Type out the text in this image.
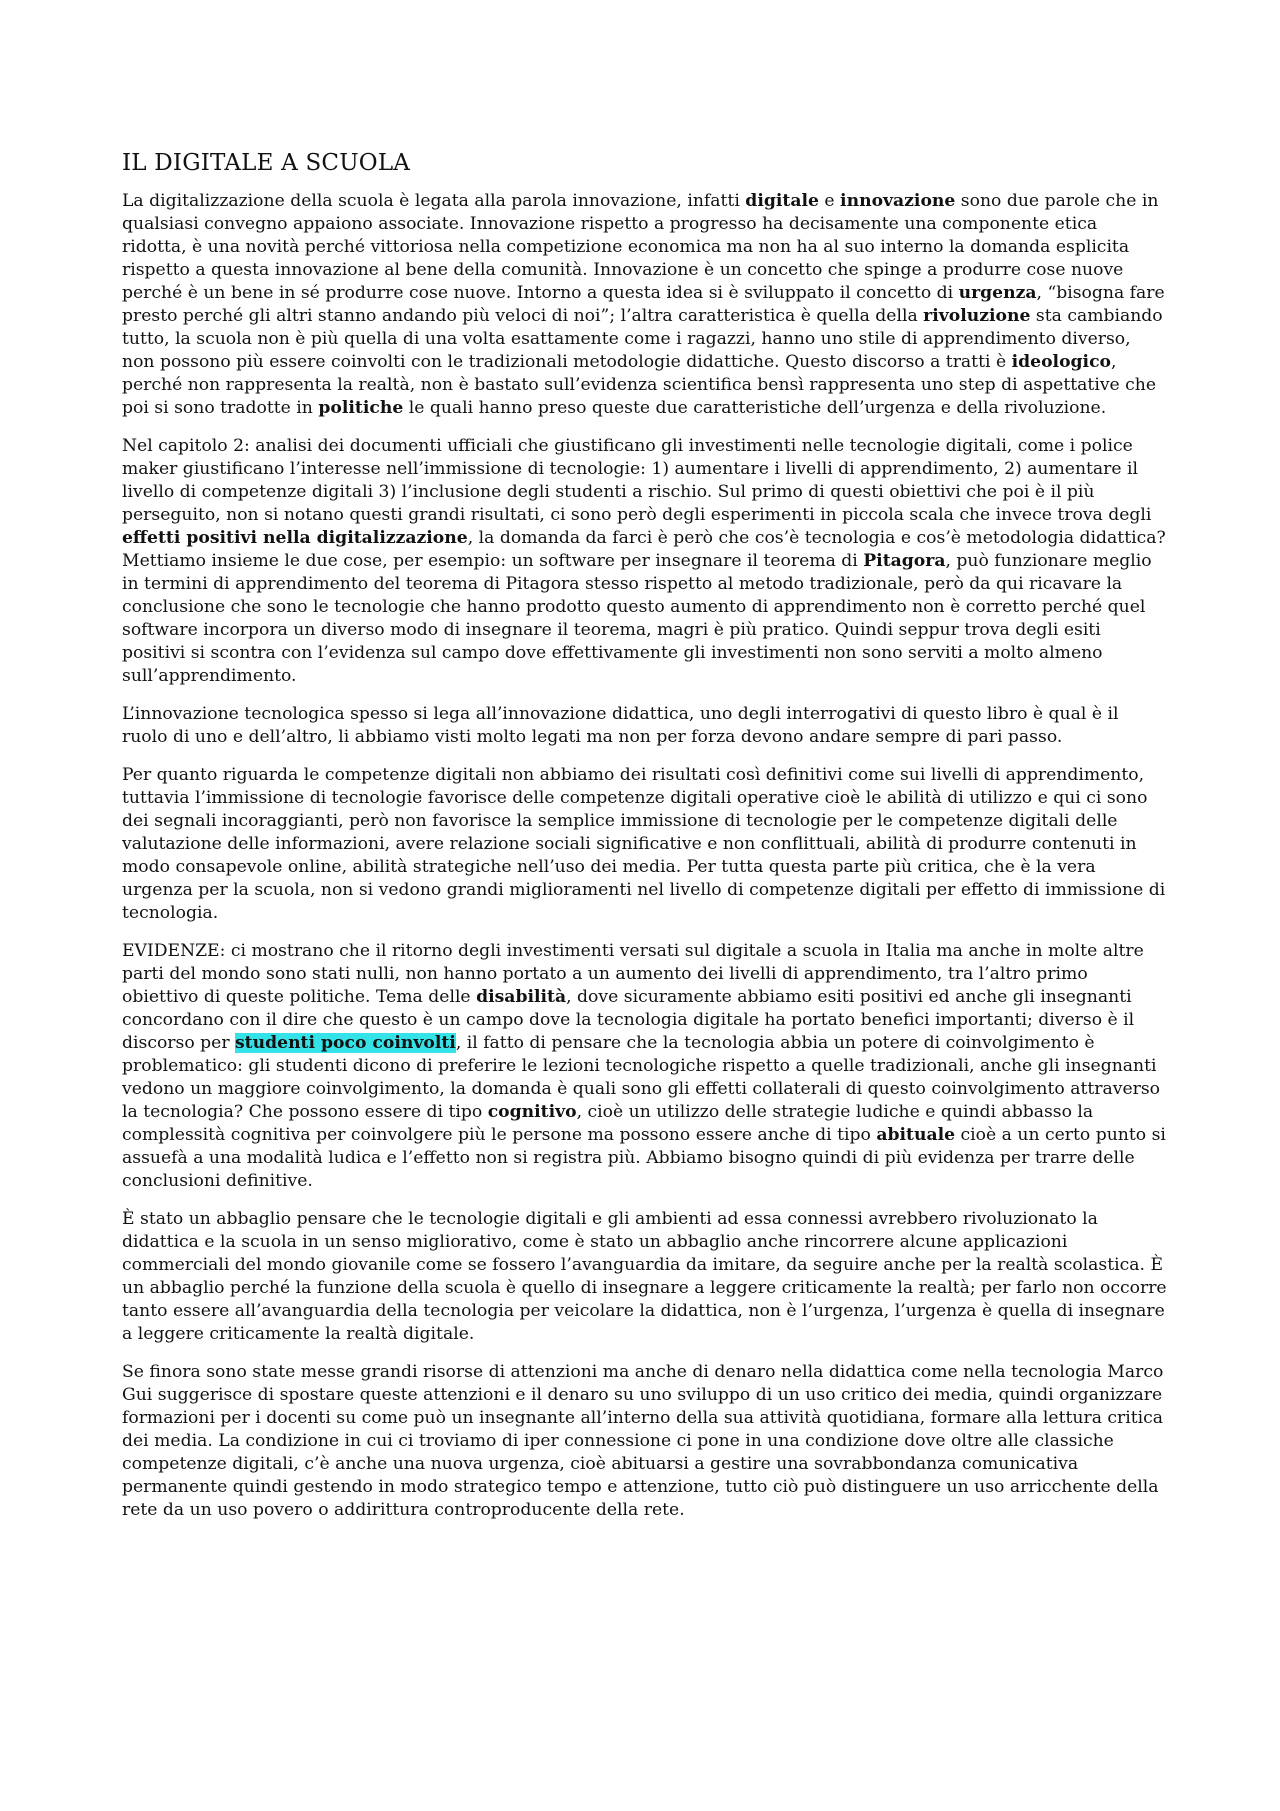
IL DIGITALE A SCUOLA

La digitalizzazione della scuola è legata alla parola innovazione, infatti digitale e innovazione sono due parole che in qualsiasi convegno appaiono associate. Innovazione rispetto a progresso ha decisamente una componente etica ridotta, è una novità perché vittoriosa nella competizione economica ma non ha al suo interno la domanda esplicita rispetto a questa innovazione al bene della comunità. Innovazione è un concetto che spinge a produrre cose nuove perché è un bene in sé produrre cose nuove. Intorno a questa idea si è sviluppato il concetto di urgenza, “bisogna fare presto perché gli altri stanno andando più veloci di noi”; l’altra caratteristica è quella della rivoluzione sta cambiando tutto, la scuola non è più quella di una volta esattamente come i ragazzi, hanno uno stile di apprendimento diverso, non possono più essere coinvolti con le tradizionali metodologie didattiche. Questo discorso a tratti è ideologico, perché non rappresenta la realtà, non è bastato sull’evidenza scientifica bensì rappresenta uno step di aspettative che poi si sono tradotte in politiche le quali hanno preso queste due caratteristiche dell’urgenza e della rivoluzione.

Nel capitolo 2: analisi dei documenti ufficiali che giustificano gli investimenti nelle tecnologie digitali, come i police maker giustificano l’interesse nell’immissione di tecnologie: 1) aumentare i livelli di apprendimento, 2) aumentare il livello di competenze digitali 3) l’inclusione degli studenti a rischio. Sul primo di questi obiettivi che poi è il più perseguito, non si notano questi grandi risultati, ci sono però degli esperimenti in piccola scala che invece trova degli effetti positivi nella digitalizzazione, la domanda da farci è però che cos’è tecnologia e cos’è metodologia didattica? Mettiamo insieme le due cose, per esempio: un software per insegnare il teorema di Pitagora, può funzionare meglio in termini di apprendimento del teorema di Pitagora stesso rispetto al metodo tradizionale, però da qui ricavare la conclusione che sono le tecnologie che hanno prodotto questo aumento di apprendimento non è corretto perché quel software incorpora un diverso modo di insegnare il teorema, magri è più pratico. Quindi seppur trova degli esiti positivi si scontra con l’evidenza sul campo dove effettivamente gli investimenti non sono serviti a molto almeno sull’apprendimento.

L’innovazione tecnologica spesso si lega all’innovazione didattica, uno degli interrogativi di questo libro è qual è il ruolo di uno e dell’altro, li abbiamo visti molto legati ma non per forza devono andare sempre di pari passo.

Per quanto riguarda le competenze digitali non abbiamo dei risultati così definitivi come sui livelli di apprendimento, tuttavia l’immissione di tecnologie favorisce delle competenze digitali operative cioè le abilità di utilizzo e qui ci sono dei segnali incoraggianti, però non favorisce la semplice immissione di tecnologie per le competenze digitali delle valutazione delle informazioni, avere relazione sociali significative e non conflittuali, abilità di produrre contenuti in modo consapevole online, abilità strategiche nell’uso dei media. Per tutta questa parte più critica, che è la vera urgenza per la scuola, non si vedono grandi miglioramenti nel livello di competenze digitali per effetto di immissione di tecnologia.

EVIDENZE: ci mostrano che il ritorno degli investimenti versati sul digitale a scuola in Italia ma anche in molte altre parti del mondo sono stati nulli, non hanno portato a un aumento dei livelli di apprendimento, tra l’altro primo obiettivo di queste politiche. Tema delle disabilità, dove sicuramente abbiamo esiti positivi ed anche gli insegnanti concordano con il dire che questo è un campo dove la tecnologia digitale ha portato benefici importanti; diverso è il discorso per studenti poco coinvolti, il fatto di pensare che la tecnologia abbia un potere di coinvolgimento è problematico: gli studenti dicono di preferire le lezioni tecnologiche rispetto a quelle tradizionali, anche gli insegnanti vedono un maggiore coinvolgimento, la domanda è quali sono gli effetti collaterali di questo coinvolgimento attraverso la tecnologia? Che possono essere di tipo cognitivo, cioè un utilizzo delle strategie ludiche e quindi abbasso la complessità cognitiva per coinvolgere più le persone ma possono essere anche di tipo abituale cioè a un certo punto si assuefà a una modalità ludica e l’effetto non si registra più. Abbiamo bisogno quindi di più evidenza per trarre delle conclusioni definitive.

È stato un abbaglio pensare che le tecnologie digitali e gli ambienti ad essa connessi avrebbero rivoluzionato la didattica e la scuola in un senso migliorativo, come è stato un abbaglio anche rincorrere alcune applicazioni commerciali del mondo giovanile come se fossero l’avanguardia da imitare, da seguire anche per la realtà scolastica. È un abbaglio perché la funzione della scuola è quello di insegnare a leggere criticamente la realtà; per farlo non occorre tanto essere all’avanguardia della tecnologia per veicolare la didattica, non è l’urgenza, l’urgenza è quella di insegnare a leggere criticamente la realtà digitale.

Se finora sono state messe grandi risorse di attenzioni ma anche di denaro nella didattica come nella tecnologia Marco Gui suggerisce di spostare queste attenzioni e il denaro su uno sviluppo di un uso critico dei media, quindi organizzare formazioni per i docenti su come può un insegnante all’interno della sua attività quotidiana, formare alla lettura critica dei media. La condizione in cui ci troviamo di iper connessione ci pone in una condizione dove oltre alle classiche competenze digitali, c’è anche una nuova urgenza, cioè abituarsi a gestire una sovrabbondanza comunicativa permanente quindi gestendo in modo strategico tempo e attenzione, tutto ciò può distinguere un uso arricchente della rete da un uso povero o addirittura controproducente della rete.
